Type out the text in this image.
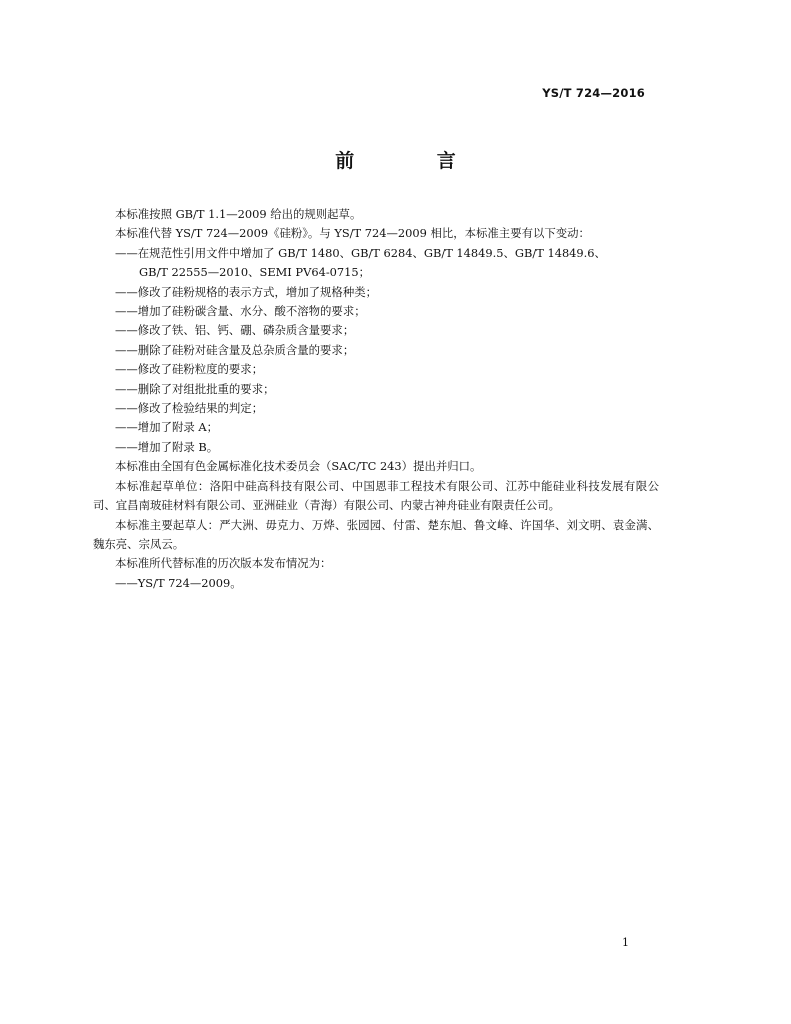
YS/T 724—2016
前 言
本标准按照 GB/T 1.1—2009 给出的规则起草。
本标准代替 YS/T 724—2009《硅粉》。与 YS/T 724—2009 相比，本标准主要有以下变动：
——在规范性引用文件中增加了 GB/T 1480、GB/T 6284、GB/T 14849.5、GB/T 14849.6、
GB/T 22555—2010、SEMI PV64-0715；
——修改了硅粉规格的表示方式，增加了规格种类；
——增加了硅粉碳含量、水分、酸不溶物的要求；
——修改了铁、铝、钙、硼、磷杂质含量要求；
——删除了硅粉对硅含量及总杂质含量的要求；
——修改了硅粉粒度的要求；
——删除了对组批批重的要求；
——修改了检验结果的判定；
——增加了附录 A；
——增加了附录 B。
本标准由全国有色金属标准化技术委员会（SAC/TC 243）提出并归口。
本标准起草单位：洛阳中硅高科技有限公司、中国恩菲工程技术有限公司、江苏中能硅业科技发展有限公司、宜昌南玻硅材料有限公司、亚洲硅业（青海）有限公司、内蒙古神舟硅业有限责任公司。
本标准主要起草人：严大洲、毋克力、万烨、张园园、付雷、楚东旭、鲁文峰、许国华、刘文明、袁金满、魏东亮、宗凤云。
本标准所代替标准的历次版本发布情况为：
——YS/T 724—2009。
1
